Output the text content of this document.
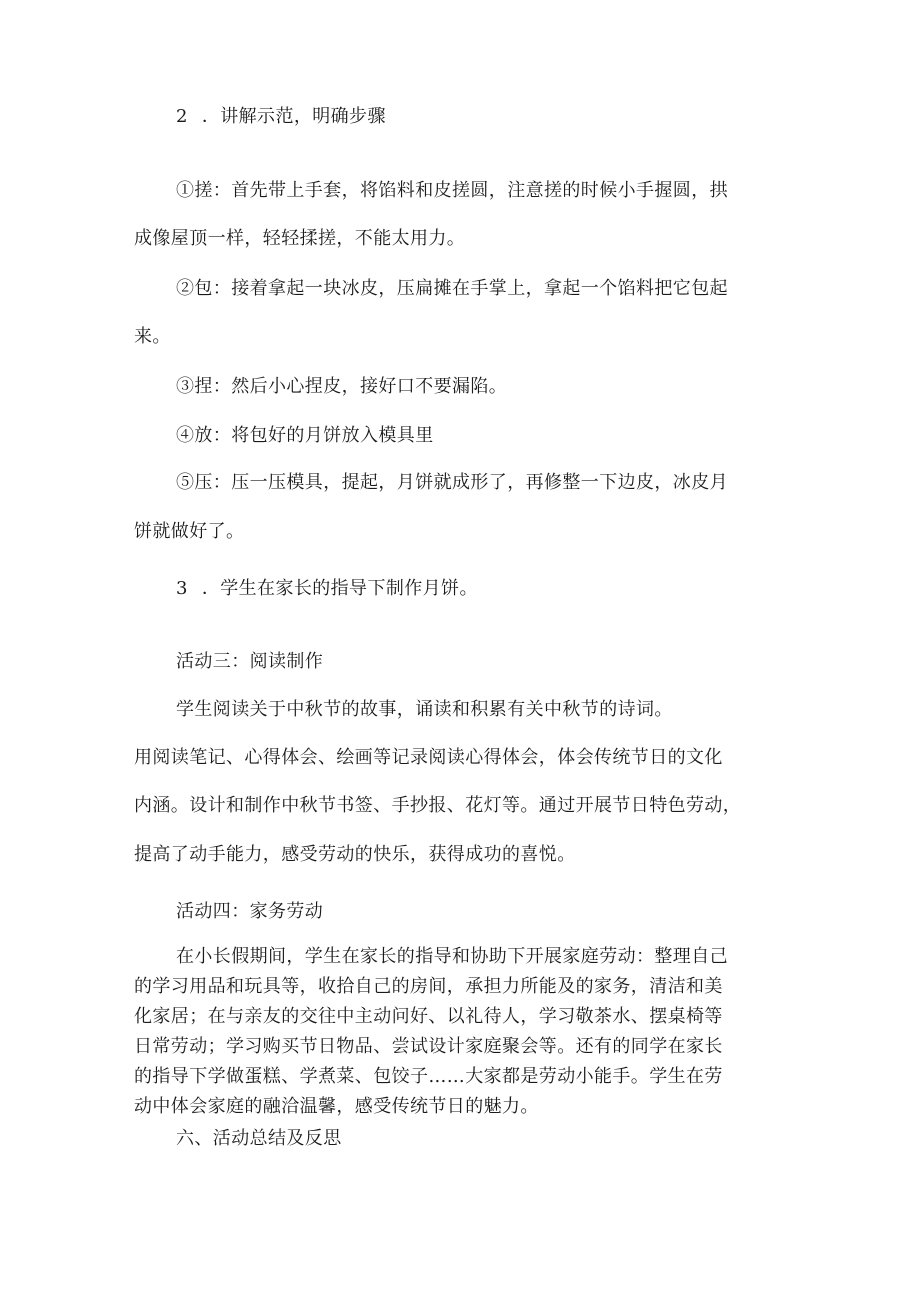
2 ．讲解示范，明确步骤
①搓：首先带上手套，将馅料和皮搓圆，注意搓的时候小手握圆，拱
成像屋顶一样，轻轻揉搓，不能太用力。
②包：接着拿起一块冰皮，压扁摊在手掌上，拿起一个馅料把它包起
来。
③捏：然后小心捏皮，接好口不要漏陷。
④放：将包好的月饼放入模具里
⑤压：压一压模具，提起，月饼就成形了，再修整一下边皮，冰皮月
饼就做好了。
3 ．学生在家长的指导下制作月饼。
活动三：阅读制作
学生阅读关于中秋节的故事，诵读和积累有关中秋节的诗词。
用阅读笔记、心得体会、绘画等记录阅读心得体会，体会传统节日的文化
内涵。设计和制作中秋节书签、手抄报、花灯等。通过开展节日特色劳动，
提高了动手能力，感受劳动的快乐，获得成功的喜悦。
活动四：家务劳动
在小长假期间，学生在家长的指导和协助下开展家庭劳动：整理自己
的学习用品和玩具等，收拾自己的房间，承担力所能及的家务，清洁和美
化家居；在与亲友的交往中主动问好、以礼待人，学习敬茶水、摆桌椅等
日常劳动；学习购买节日物品、尝试设计家庭聚会等。还有的同学在家长
的指导下学做蛋糕、学煮菜、包饺子……大家都是劳动小能手。学生在劳
动中体会家庭的融洽温馨，感受传统节日的魅力。
六、活动总结及反思
